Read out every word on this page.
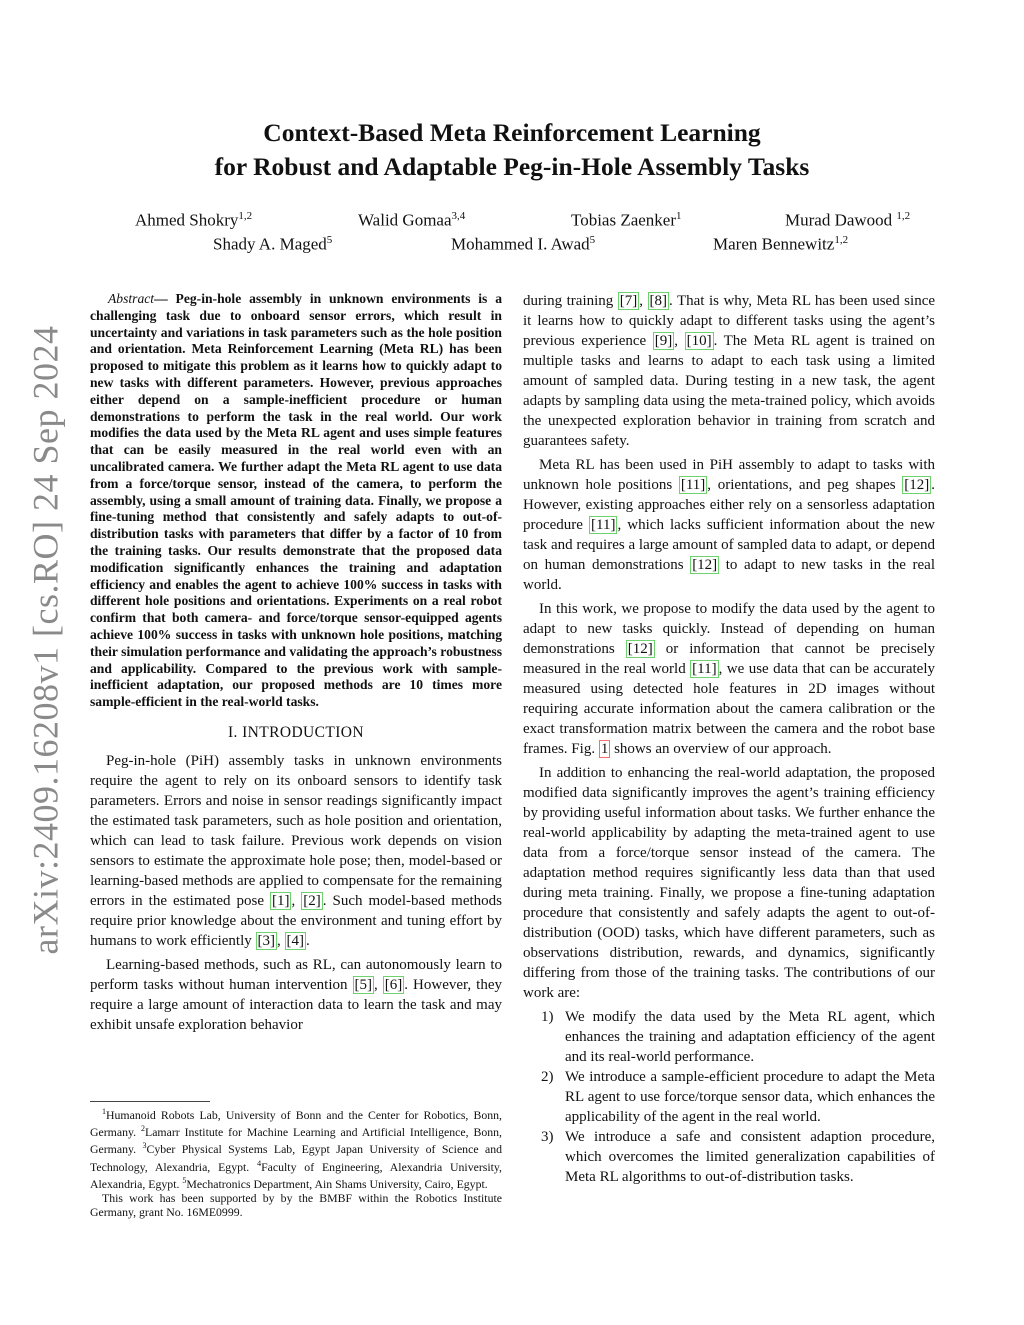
arXiv:2409.16208v1 [cs.RO] 24 Sep 2024
Context-Based Meta Reinforcement Learning
for Robust and Adaptable Peg-in-Hole Assembly Tasks
Ahmed Shokry$^{1,2}$	Walid Gomaa$^{3,4}$	Tobias Zaenker$^1$	Murad Dawood $^{1,2}$
Shady A. Maged$^5$	Mohammed I. Awad$^5$	Maren Bennewitz$^{1,2}$

Abstract— Peg-in-hole assembly in unknown environments is a challenging task due to onboard sensor errors, which result in uncertainty and variations in task parameters such as the hole position and orientation. Meta Reinforcement Learning (Meta RL) has been proposed to mitigate this problem as it learns how to quickly adapt to new tasks with different parameters. However, previous approaches either depend on a sample-inefficient procedure or human demonstrations to perform the task in the real world. Our work modifies the data used by the Meta RL agent and uses simple features that can be easily measured in the real world even with an uncalibrated camera. We further adapt the Meta RL agent to use data from a force/torque sensor, instead of the camera, to perform the assembly, using a small amount of training data. Finally, we propose a fine-tuning method that consistently and safely adapts to out-of-distribution tasks with parameters that differ by a factor of 10 from the training tasks. Our results demonstrate that the proposed data modification significantly enhances the training and adaptation efficiency and enables the agent to achieve 100% success in tasks with different hole positions and orientations. Experiments on a real robot confirm that both camera- and force/torque sensor-equipped agents achieve 100% success in tasks with unknown hole positions, matching their simulation performance and validating the approach’s robustness and applicability. Compared to the previous work with sample-inefficient adaptation, our proposed methods are 10 times more sample-efficient in the real-world tasks.

I. INTRODUCTION

Peg-in-hole (PiH) assembly tasks in unknown environments require the agent to rely on its onboard sensors to identify task parameters. Errors and noise in sensor readings significantly impact the estimated task parameters, such as hole position and orientation, which can lead to task failure. Previous work depends on vision sensors to estimate the approximate hole pose; then, model-based or learning-based methods are applied to compensate for the remaining errors in the estimated pose [1] , [2] . Such model-based methods require prior knowledge about the environment and tuning effort by humans to work efficiently [3] , [4] .

Learning-based methods, such as RL, can autonomously learn to perform tasks without human intervention [5] , [6] . However, they require a large amount of interaction data to learn the task and may exhibit unsafe exploration behavior

$^1$Humanoid Robots Lab, University of Bonn and the Center for Robotics, Bonn, Germany. $^2$Lamarr Institute for Machine Learning and Artificial Intelligence, Bonn, Germany. $^3$Cyber Physical Systems Lab, Egypt Japan University of Science and Technology, Alexandria, Egypt. $^4$Faculty of Engineering, Alexandria University, Alexandria, Egypt. $^5$Mechatronics Department, Ain Shams University, Cairo, Egypt.

This work has been supported by by the BMBF within the Robotics Institute Germany, grant No. 16ME0999.

during training [7] , [8] . That is why, Meta RL has been used since it learns how to quickly adapt to different tasks using the agent’s previous experience [9] , [10] . The Meta RL agent is trained on multiple tasks and learns to adapt to each task using a limited amount of sampled data. During testing in a new task, the agent adapts by sampling data using the meta-trained policy, which avoids the unexpected exploration behavior in training from scratch and guarantees safety.

Meta RL has been used in PiH assembly to adapt to tasks with unknown hole positions [11] , orientations, and peg shapes [12] . However, existing approaches either rely on a sensorless adaptation procedure [11] , which lacks sufficient information about the new task and requires a large amount of sampled data to adapt, or depend on human demonstrations [12] to adapt to new tasks in the real world.

In this work, we propose to modify the data used by the agent to adapt to new tasks quickly. Instead of depending on human demonstrations [12] or information that cannot be precisely measured in the real world [11] , we use data that can be accurately measured using detected hole features in 2D images without requiring accurate information about the camera calibration or the exact transformation matrix between the camera and the robot base frames. Fig. 1 shows an overview of our approach.

In addition to enhancing the real-world adaptation, the proposed modified data significantly improves the agent’s training efficiency by providing useful information about tasks. We further enhance the real-world applicability by adapting the meta-trained agent to use data from a force/torque sensor instead of the camera. The adaptation method requires significantly less data than that used during meta training. Finally, we propose a fine-tuning adaptation procedure that consistently and safely adapts the agent to out-of-distribution (OOD) tasks, which have different parameters, such as observations distribution, rewards, and dynamics, significantly differing from those of the training tasks. The contributions of our work are:

1) We modify the data used by the Meta RL agent, which enhances the training and adaptation efficiency of the agent and its real-world performance.
2) We introduce a sample-efficient procedure to adapt the Meta RL agent to use force/torque sensor data, which enhances the applicability of the agent in the real world.
3) We introduce a safe and consistent adaption procedure, which overcomes the limited generalization capabilities of Meta RL algorithms to out-of-distribution tasks.
